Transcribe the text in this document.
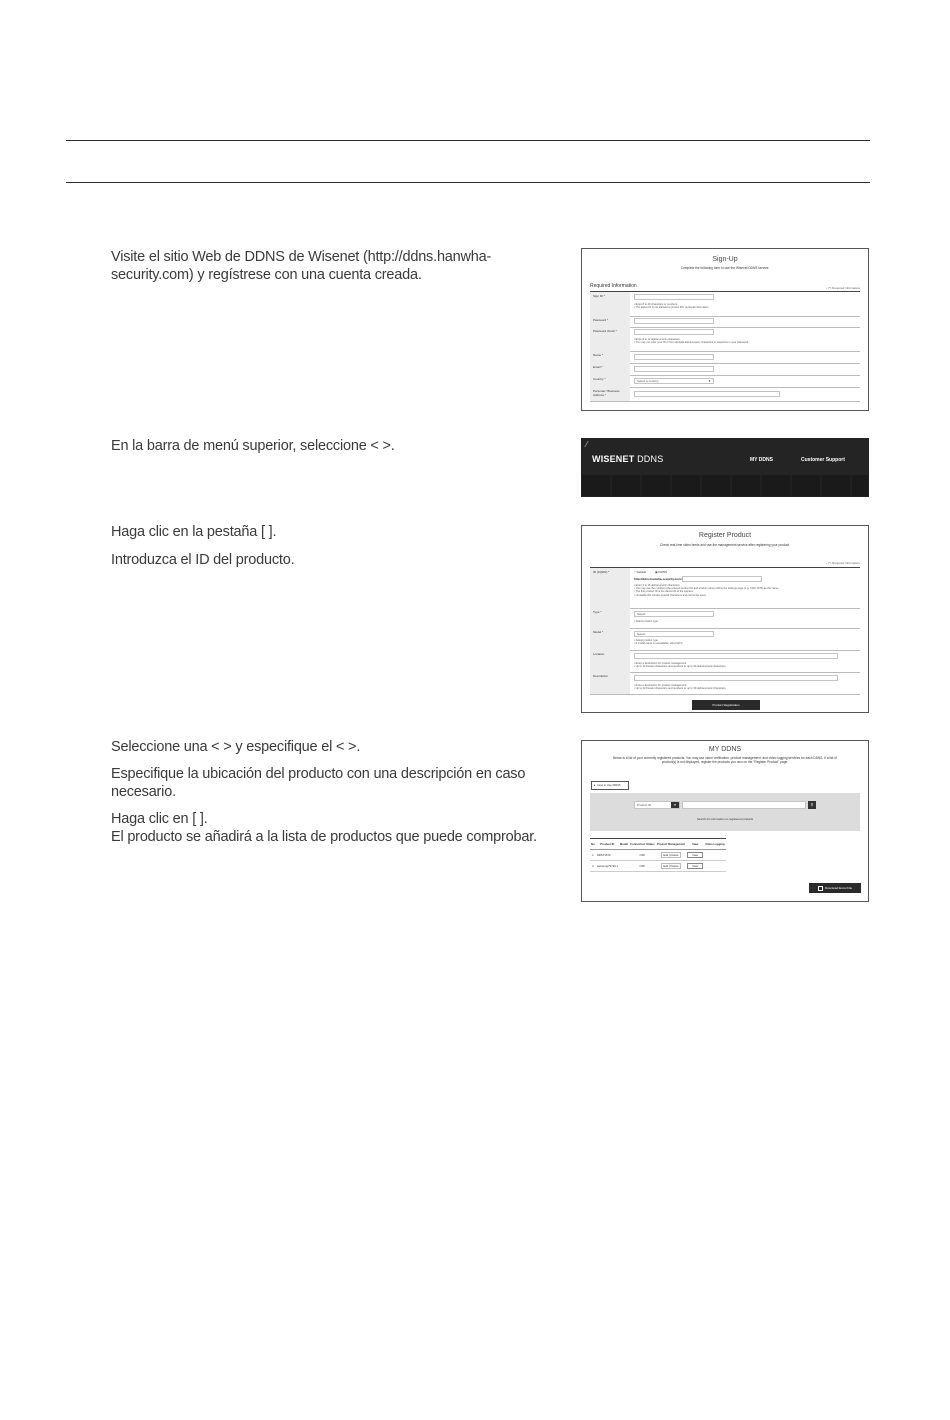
Visite el sitio Web de DDNS de Wisenet (http://ddns.hanwha-security.com) y regístrese con una cuenta creada.
En la barra de menú superior, seleccione < >.
Haga clic en la pestaña [ ].
Introduzca el ID del producto.
Seleccione una < > y especifique el < >.
Especifique la ubicación del producto con una descripción en caso necesario.
Haga clic en [ ].
El producto se añadirá a la lista de productos que puede comprobar.
Sign-Up
Complete the following form to use the Wisenet DDNS service.
Required Information	• (*) Required information
Sign ID *
• Enter 8 to 20 characters or numbers.
• The above ID is not allowed to protect IDs' personal information.
Password *
Password check *
• Enter 8 to 12 alphanumeric characters.
• You may not enter your ID or four identical alphanumeric characters in sequence in your password.
Name *
Email *
Country *	Select a country	▼
Personal / Business Address *
WISENET DDNS	MY DDNS	Customer Support
Register Product
Check real-time video feeds and use the management service after registering your product.
• (*) Required information
ID (FQDN) *	○ Default	◉ DDNS
http://ddns.hanwha-security.com/
• Enter 4 to 16 alphanumeric characters.
• You may use the numbers (the entered product ID and product name) within the settings page (e.g. XNO-7070) as the name.
• The first product ID is the device ID of the camera.
• Unusable IDs contain special characters and cannot be used.
Type *	Select
• Select product type.
Model *	Select
• Select product type.
• If model name is unavailable, select ETC.
Location
• Enter a description for product management.
• Up to 30 Korean characters and numbers or up to 30 alphanumeric characters.
Description
• Enter a description for product management.
• Up to 30 Korean characters and numbers or up to 30 alphanumeric characters.
Product Registration
MY DDNS
Below is a list of your currently registered products. You may use video verification, product management, and video logging services for each DDNS. If a list of product(s) is not displayed, register the products you own on the "Register Product" page.
▸ How to Use DDNS
Product ID	▼	⚲
Search for information on registered products
No	Product ID	Model	Connection Status	Product Management	View	Video Logging
1	NRST1572		OFF	Edit | Delete	View	
2	samsung7572C1		OFF	Edit | Delete	View	
Download Excel File
